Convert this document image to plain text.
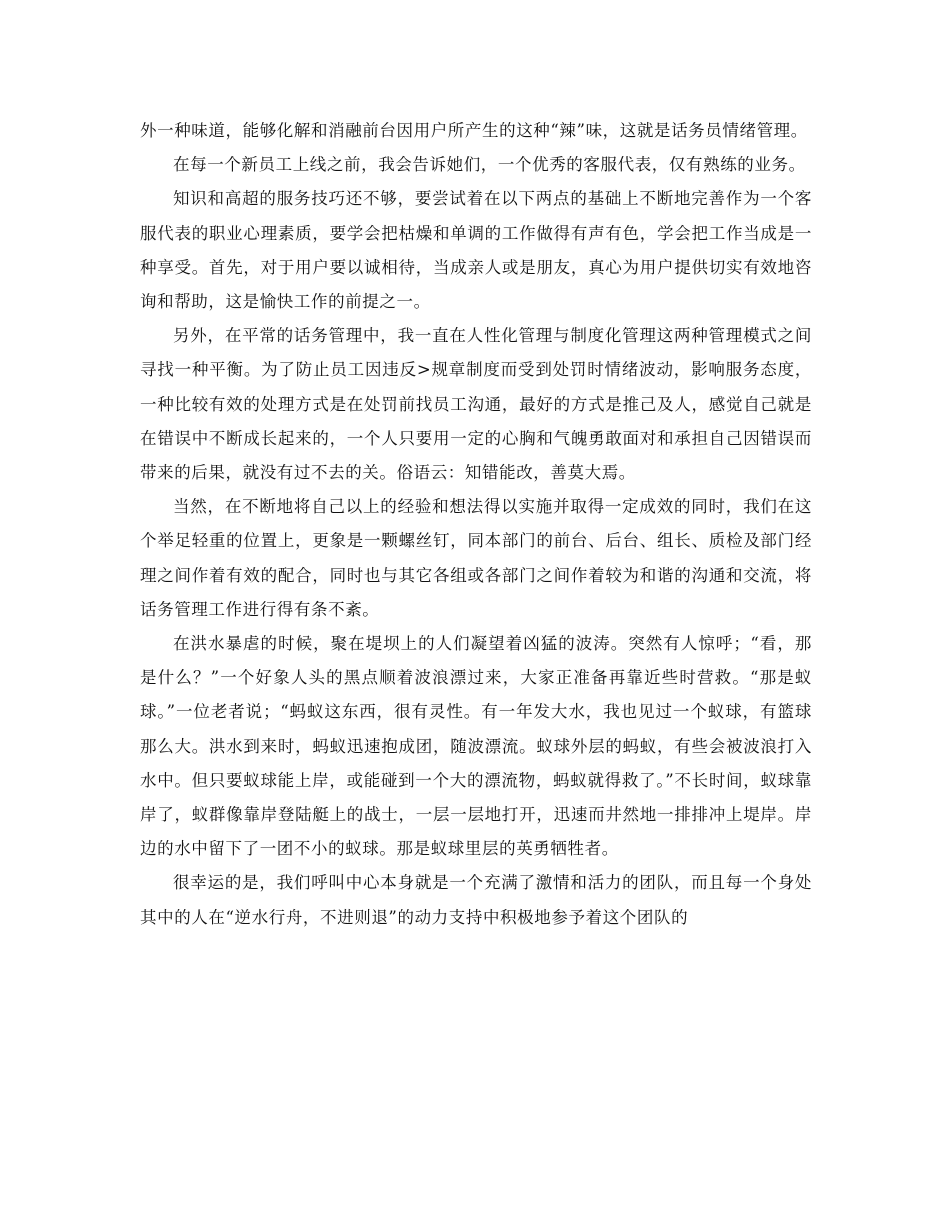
外一种味道，能够化解和消融前台因用户所产生的这种“辣”味，这就是话务员情绪管理。

在每一个新员工上线之前，我会告诉她们，一个优秀的客服代表，仅有熟练的业务。

知识和高超的服务技巧还不够，要尝试着在以下两点的基础上不断地完善作为一个客服代表的职业心理素质，要学会把枯燥和单调的工作做得有声有色，学会把工作当成是一种享受。首先，对于用户要以诚相待，当成亲人或是朋友，真心为用户提供切实有效地咨询和帮助，这是愉快工作的前提之一。

另外，在平常的话务管理中，我一直在人性化管理与制度化管理这两种管理模式之间寻找一种平衡。为了防止员工因违反>规章制度而受到处罚时情绪波动，影响服务态度，一种比较有效的处理方式是在处罚前找员工沟通，最好的方式是推己及人，感觉自己就是在错误中不断成长起来的，一个人只要用一定的心胸和气魄勇敢面对和承担自己因错误而带来的后果，就没有过不去的关。俗语云：知错能改，善莫大焉。

当然，在不断地将自己以上的经验和想法得以实施并取得一定成效的同时，我们在这个举足轻重的位置上，更象是一颗螺丝钉，同本部门的前台、后台、组长、质检及部门经理之间作着有效的配合，同时也与其它各组或各部门之间作着较为和谐的沟通和交流，将话务管理工作进行得有条不紊。

在洪水暴虐的时候，聚在堤坝上的人们凝望着凶猛的波涛。突然有人惊呼；“看，那是什么？”一个好象人头的黑点顺着波浪漂过来，大家正准备再靠近些时营救。“那是蚁球。”一位老者说；“蚂蚁这东西，很有灵性。有一年发大水，我也见过一个蚁球，有篮球那么大。洪水到来时，蚂蚁迅速抱成团，随波漂流。蚁球外层的蚂蚁，有些会被波浪打入水中。但只要蚁球能上岸，或能碰到一个大的漂流物，蚂蚁就得救了。”不长时间，蚁球靠岸了，蚁群像靠岸登陆艇上的战士，一层一层地打开，迅速而井然地一排排冲上堤岸。岸边的水中留下了一团不小的蚁球。那是蚁球里层的英勇牺牲者。

很幸运的是，我们呼叫中心本身就是一个充满了激情和活力的团队，而且每一个身处其中的人在“逆水行舟，不进则退”的动力支持中积极地参予着这个团队的
